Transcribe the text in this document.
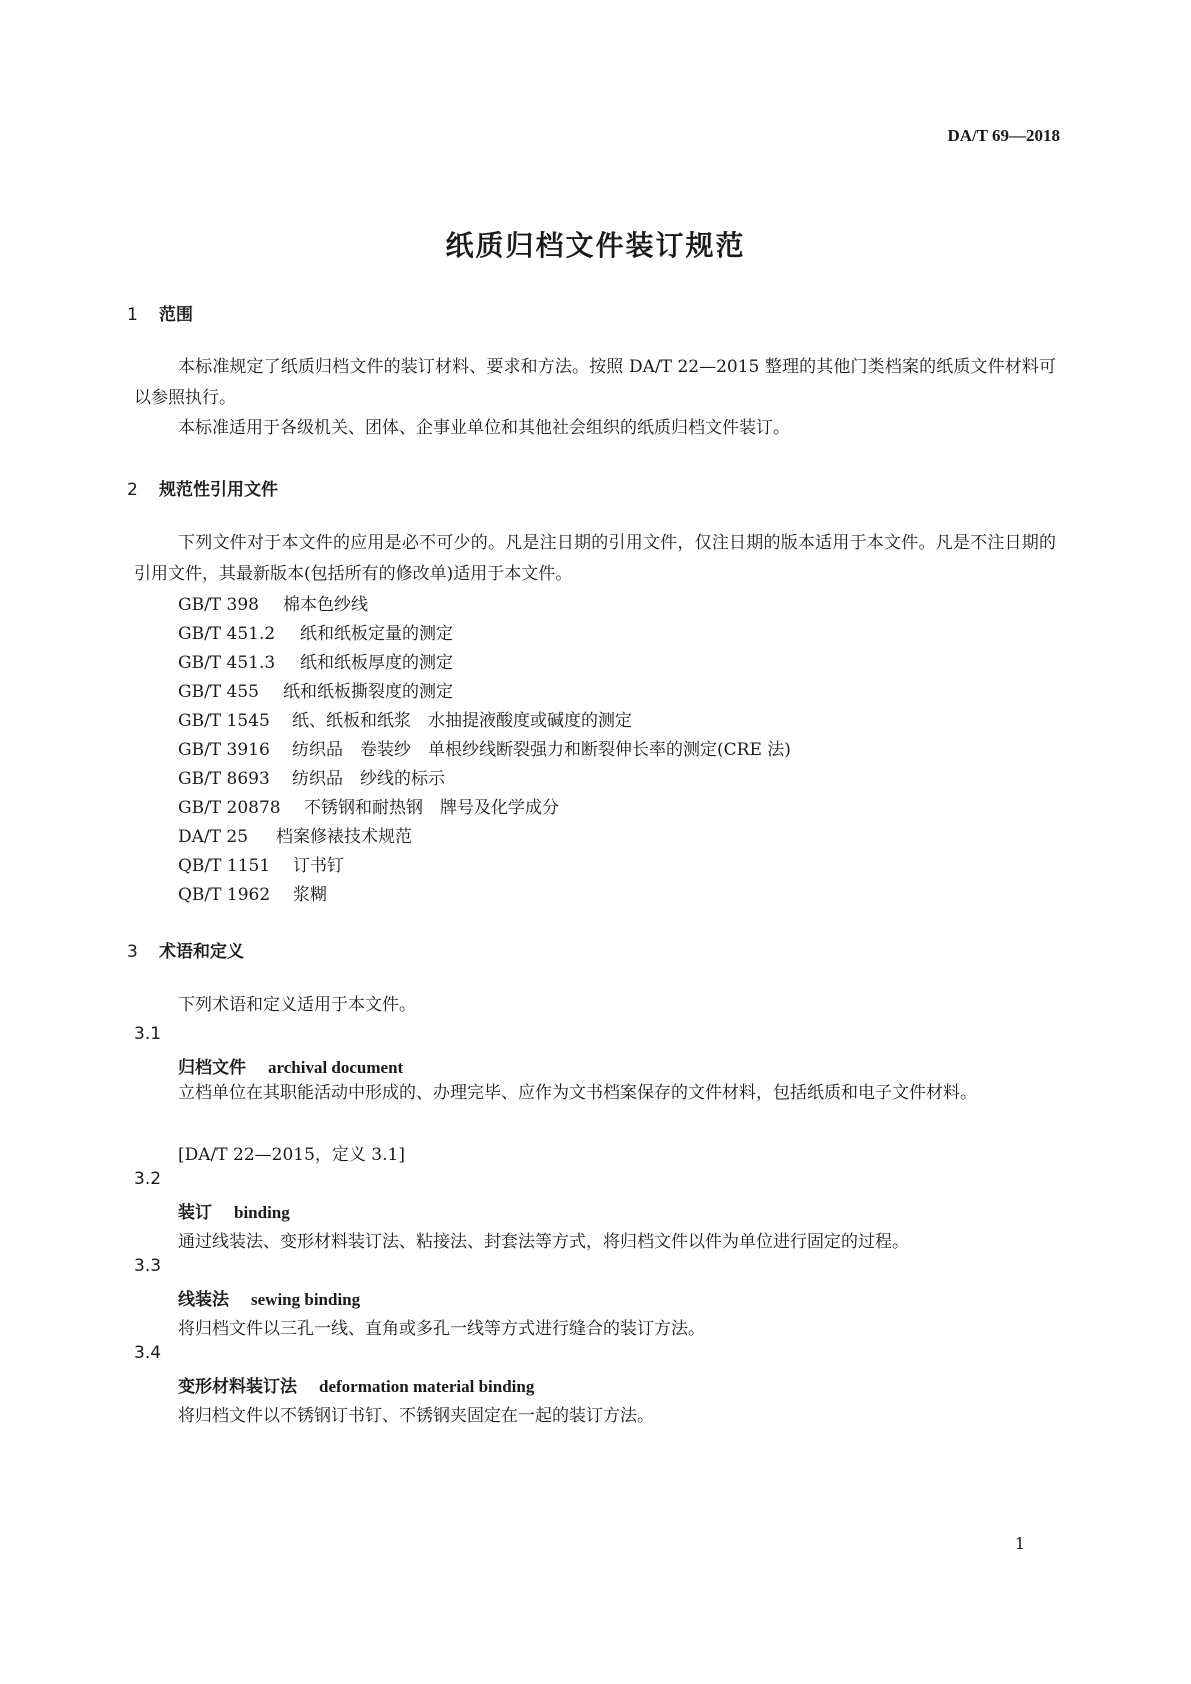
DA/T 69—2018
纸质归档文件装订规范
1 范围
本标准规定了纸质归档文件的装订材料、要求和方法。按照 DA/T 22—2015 整理的其他门类档案的纸质文件材料可以参照执行。
本标准适用于各级机关、团体、企事业单位和其他社会组织的纸质归档文件装订。
2 规范性引用文件
下列文件对于本文件的应用是必不可少的。凡是注日期的引用文件，仅注日期的版本适用于本文件。凡是不注日期的引用文件，其最新版本(包括所有的修改单)适用于本文件。
GB/T 398 棉本色纱线
GB/T 451.2 纸和纸板定量的测定
GB/T 451.3 纸和纸板厚度的测定
GB/T 455 纸和纸板撕裂度的测定
GB/T 1545 纸、纸板和纸浆　水抽提液酸度或碱度的测定
GB/T 3916 纺织品　卷装纱　单根纱线断裂强力和断裂伸长率的测定(CRE 法)
GB/T 8693 纺织品　纱线的标示
GB/T 20878 不锈钢和耐热钢　牌号及化学成分
DA/T 25 档案修裱技术规范
QB/T 1151 订书钉
QB/T 1962 浆糊
3 术语和定义
下列术语和定义适用于本文件。
3.1
归档文件 archival document
立档单位在其职能活动中形成的、办理完毕、应作为文书档案保存的文件材料，包括纸质和电子文件材料。
[DA/T 22—2015，定义 3.1]
3.2
装订 binding
通过线装法、变形材料装订法、粘接法、封套法等方式，将归档文件以件为单位进行固定的过程。
3.3
线装法 sewing binding
将归档文件以三孔一线、直角或多孔一线等方式进行缝合的装订方法。
3.4
变形材料装订法 deformation material binding
将归档文件以不锈钢订书钉、不锈钢夹固定在一起的装订方法。
1
